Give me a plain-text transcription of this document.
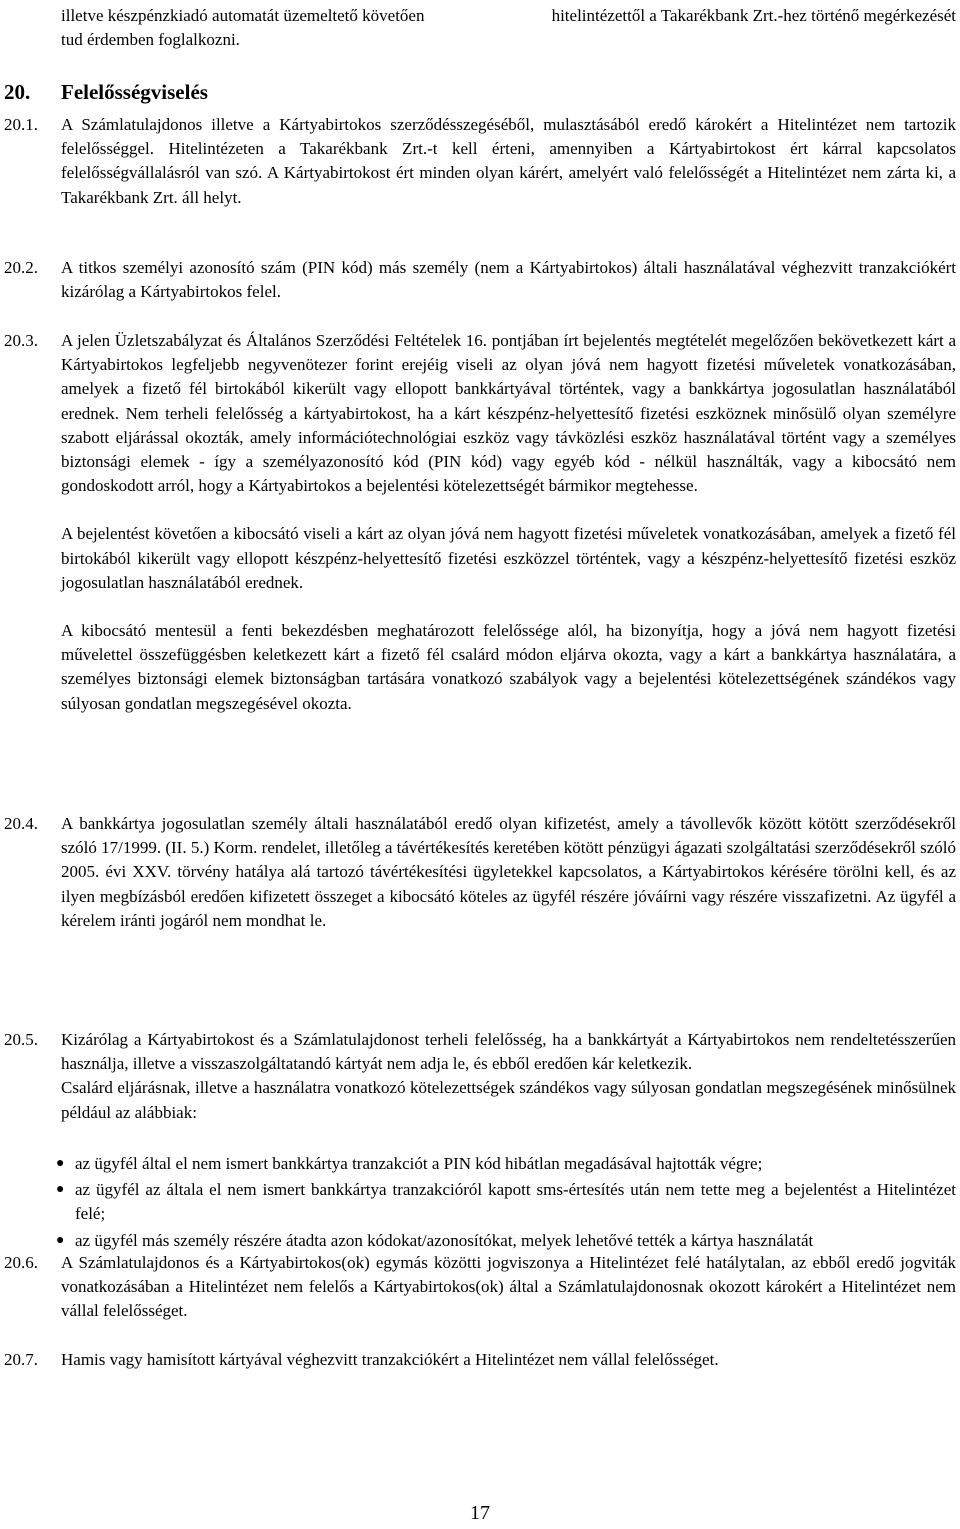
illetve készpénzkiadó automatát üzemeltető követően tud érdemben foglalkozni.
hitelintézettől a Takarékbank Zrt.-hez történő megérkezését
20. Felelősségviselés
20.1. A Számlatulajdonos illetve a Kártyabirtokos szerződésszegéséből, mulasztásából eredő károkért a Hitelintézet nem tartozik felelősséggel. Hitelintézeten a Takarékbank Zrt.-t kell érteni, amennyiben a Kártyabirtokost ért kárral kapcsolatos felelősségvállalásról van szó. A Kártyabirtokost ért minden olyan kárért, amelyért való felelősségét a Hitelintézet nem zárta ki, a Takarékbank Zrt. áll helyt.
20.2. A titkos személyi azonosító szám (PIN kód) más személy (nem a Kártyabirtokos) általi használatával véghezvitt tranzakciókért kizárólag a Kártyabirtokos felel.
20.3. A jelen Üzletszabályzat és Általános Szerződési Feltételek 16. pontjában írt bejelentés megtételét megelőzően bekövetkezett kárt a Kártyabirtokos legfeljebb negyvenötezer forint erejéig viseli az olyan jóvá nem hagyott fizetési műveletek vonatkozásában, amelyek a fizető fél birtokából kikerült vagy ellopott bankkártyával történtek, vagy a bankkártya jogosulatlan használatából erednek. Nem terheli felelősség a kártyabirtokost, ha a kárt készpénz-helyettesítő fizetési eszköznek minősülő olyan személyre szabott eljárással okozták, amely információtechnológiai eszköz vagy távközlési eszköz használatával történt vagy a személyes biztonsági elemek - így a személyazonosító kód (PIN kód) vagy egyéb kód - nélkül használták, vagy a kibocsátó nem gondoskodott arról, hogy a Kártyabirtokos a bejelentési kötelezettségét bármikor megtehesse.

A bejelentést követően a kibocsátó viseli a kárt az olyan jóvá nem hagyott fizetési műveletek vonatkozásában, amelyek a fizető fél birtokából kikerült vagy ellopott készpénz-helyettesítő fizetési eszközzel történtek, vagy a készpénz-helyettesítő fizetési eszköz jogosulatlan használatából erednek.

A kibocsátó mentesül a fenti bekezdésben meghatározott felelőssége alól, ha bizonyítja, hogy a jóvá nem hagyott fizetési művelettel összefüggésben keletkezett kárt a fizető fél csalárd módon eljárva okozta, vagy a kárt a bankkártya használatára, a személyes biztonsági elemek biztonságban tartására vonatkozó szabályok vagy a bejelentési kötelezettségének szándékos vagy súlyosan gondatlan megszegésével okozta.

20.4. A bankkártya jogosulatlan személy általi használatából eredő olyan kifizetést, amely a távollevők között kötött szerződésekről szóló 17/1999. (II. 5.) Korm. rendelet, illetőleg a távértékesítés keretében kötött pénzügyi ágazati szolgáltatási szerződésekről szóló 2005. évi XXV. törvény hatálya alá tartozó távértékesítési ügyletekkel kapcsolatos, a Kártyabirtokos kérésére törölni kell, és az ilyen megbízásból eredően kifizetett összeget a kibocsátó köteles az ügyfél részére jóváírni vagy részére visszafizetni. Az ügyfél a kérelem iránti jogáról nem mondhat le.
20.5. Kizárólag a Kártyabirtokost és a Számlatulajdonost terheli felelősség, ha a bankkártyát a Kártyabirtokos nem rendeltetésszerűen használja, illetve a visszaszolgáltatandó kártyát nem adja le, és ebből eredően kár keletkezik.

Csalárd eljárásnak, illetve a használatra vonatkozó kötelezettségek szándékos vagy súlyosan gondatlan megszegésének minősülnek például az alábbiak:

● az ügyfél által el nem ismert bankkártya tranzakciót a PIN kód hibátlan megadásával hajtották végre;
● az ügyfél az általa el nem ismert bankkártya tranzakcióról kapott sms-értesítés után nem tette meg a bejelentést a Hitelintézet felé;
● az ügyfél más személy részére átadta azon kódokat/azonosítókat, melyek lehetővé tették a kártya használatát
20.6. A Számlatulajdonos és a Kártyabirtokos(ok) egymás közötti jogviszonya a Hitelintézet felé hatálytalan, az ebből eredő jogviták vonatkozásában a Hitelintézet nem felelős a Kártyabirtokos(ok) által a Számlatulajdonosnak okozott károkért a Hitelintézet nem vállal felelősséget.
20.7. Hamis vagy hamisított kártyával véghezvitt tranzakciókért a Hitelintézet nem vállal felelősséget.
17
